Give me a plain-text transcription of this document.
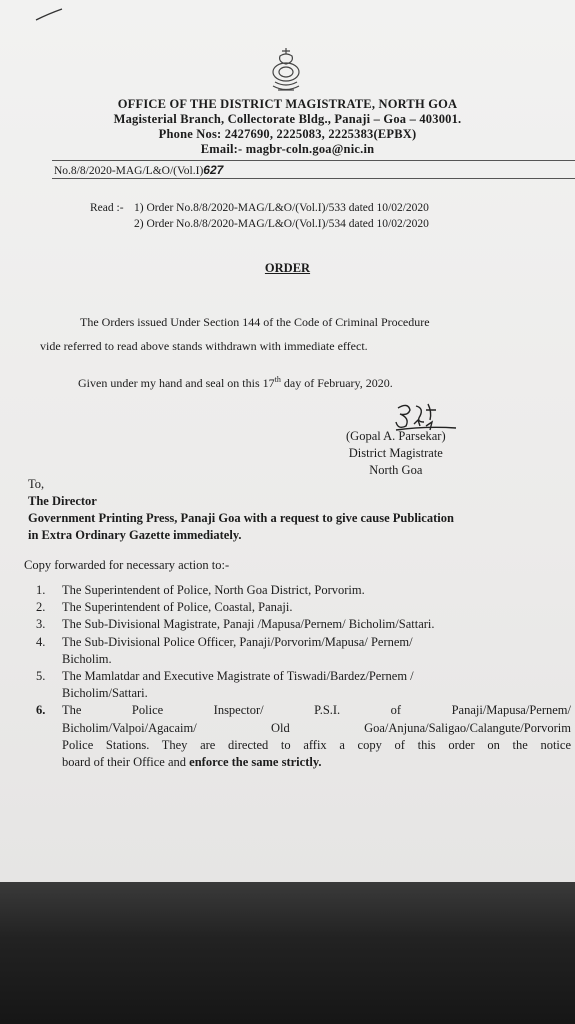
OFFICE OF THE DISTRICT MAGISTRATE, NORTH GOA
Magisterial Branch, Collectorate Bldg., Panaji – Goa – 403001.
Phone Nos: 2427690, 2225083, 2225383(EPBX)
Email:- magbr-coln.goa@nic.in
No.8/8/2020-MAG/L&O/(Vol.I)627
Read :- 1) Order No.8/8/2020-MAG/L&O/(Vol.I)/533 dated 10/02/2020
2) Order No.8/8/2020-MAG/L&O/(Vol.I)/534 dated 10/02/2020
ORDER
The Orders issued Under Section 144 of the Code of Criminal Procedure
vide referred to read above stands withdrawn with immediate effect.
Given under my hand and seal on this 17th day of February, 2020.
(Gopal A. Parsekar)
District Magistrate
North Goa
To,
The Director
Government Printing Press, Panaji Goa with a request to give cause Publication
in Extra Ordinary Gazette immediately.
Copy forwarded for necessary action to:-
1.	The Superintendent of Police, North Goa District, Porvorim.
2.	The Superintendent of Police, Coastal, Panaji.
3.	The Sub-Divisional Magistrate, Panaji /Mapusa/Pernem/ Bicholim/Sattari.
4.	The Sub-Divisional Police Officer, Panaji/Porvorim/Mapusa/ Pernem/
Bicholim.
5.	The Mamlatdar and Executive Magistrate of Tiswadi/Bardez/Pernem /
Bicholim/Sattari.
6.	The Police Inspector/ P.S.I. of Panaji/Mapusa/Pernem/
Bicholim/Valpoi/Agacaim/ Old Goa/Anjuna/Saligao/Calangute/Porvorim
Police Stations. They are directed to affix a copy of this order on the notice
board of their Office and enforce the same strictly.
